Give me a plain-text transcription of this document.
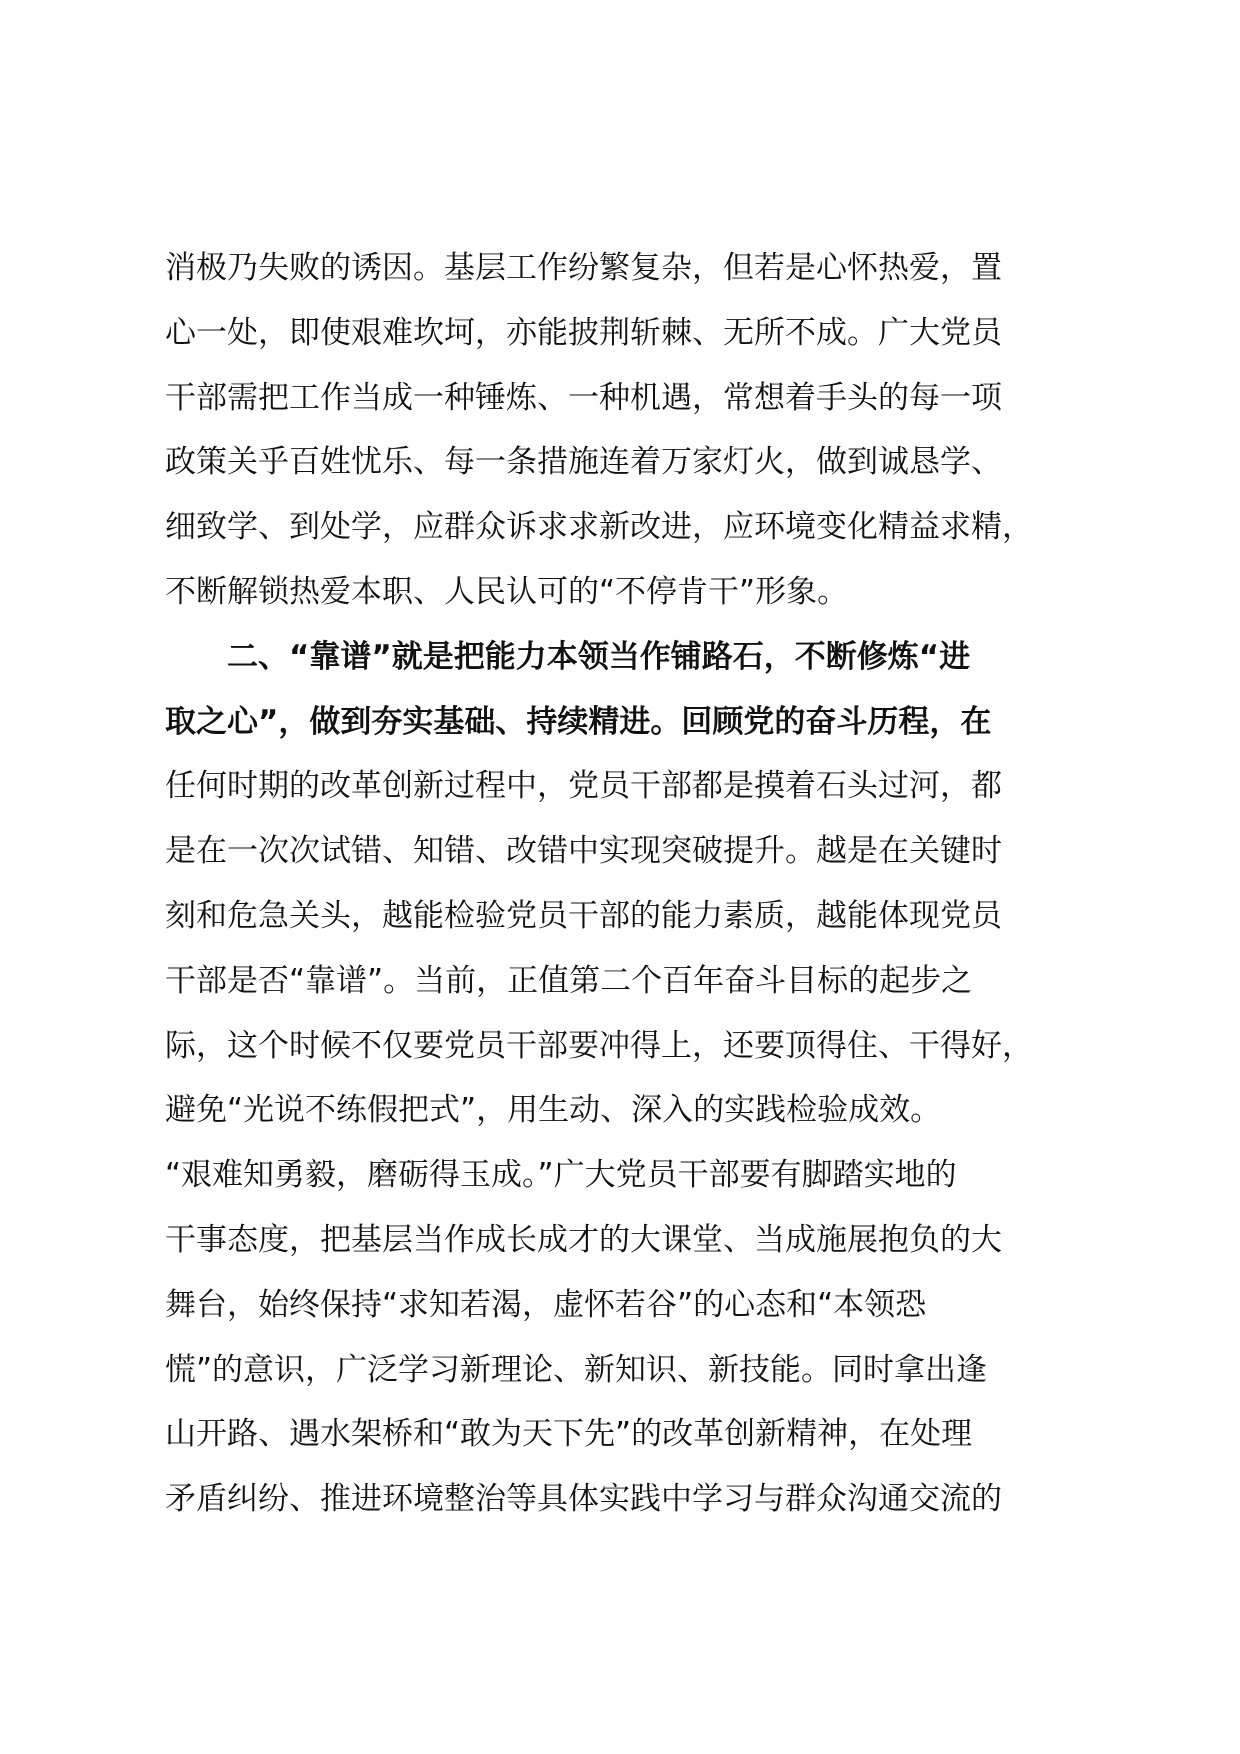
消极乃失败的诱因。基层工作纷繁复杂，但若是心怀热爱，置
心一处，即使艰难坎坷，亦能披荆斩棘、无所不成。广大党员
干部需把工作当成一种锤炼、一种机遇，常想着手头的每一项
政策关乎百姓忧乐、每一条措施连着万家灯火，做到诚恳学、
细致学、到处学，应群众诉求求新改进，应环境变化精益求精，
不断解锁热爱本职、人民认可的“不停肯干”形象。
　　二、“靠谱”就是把能力本领当作铺路石，不断修炼“进
取之心”，做到夯实基础、持续精进。回顾党的奋斗历程，在
任何时期的改革创新过程中，党员干部都是摸着石头过河，都
是在一次次试错、知错、改错中实现突破提升。越是在关键时
刻和危急关头，越能检验党员干部的能力素质，越能体现党员
干部是否“靠谱”。当前，正值第二个百年奋斗目标的起步之
际，这个时候不仅要党员干部要冲得上，还要顶得住、干得好，
避免“光说不练假把式”，用生动、深入的实践检验成效。
“艰难知勇毅，磨砺得玉成。”广大党员干部要有脚踏实地的
干事态度，把基层当作成长成才的大课堂、当成施展抱负的大
舞台，始终保持“求知若渴，虚怀若谷”的心态和“本领恐
慌”的意识，广泛学习新理论、新知识、新技能。同时拿出逢
山开路、遇水架桥和“敢为天下先”的改革创新精神，在处理
矛盾纠纷、推进环境整治等具体实践中学习与群众沟通交流的
